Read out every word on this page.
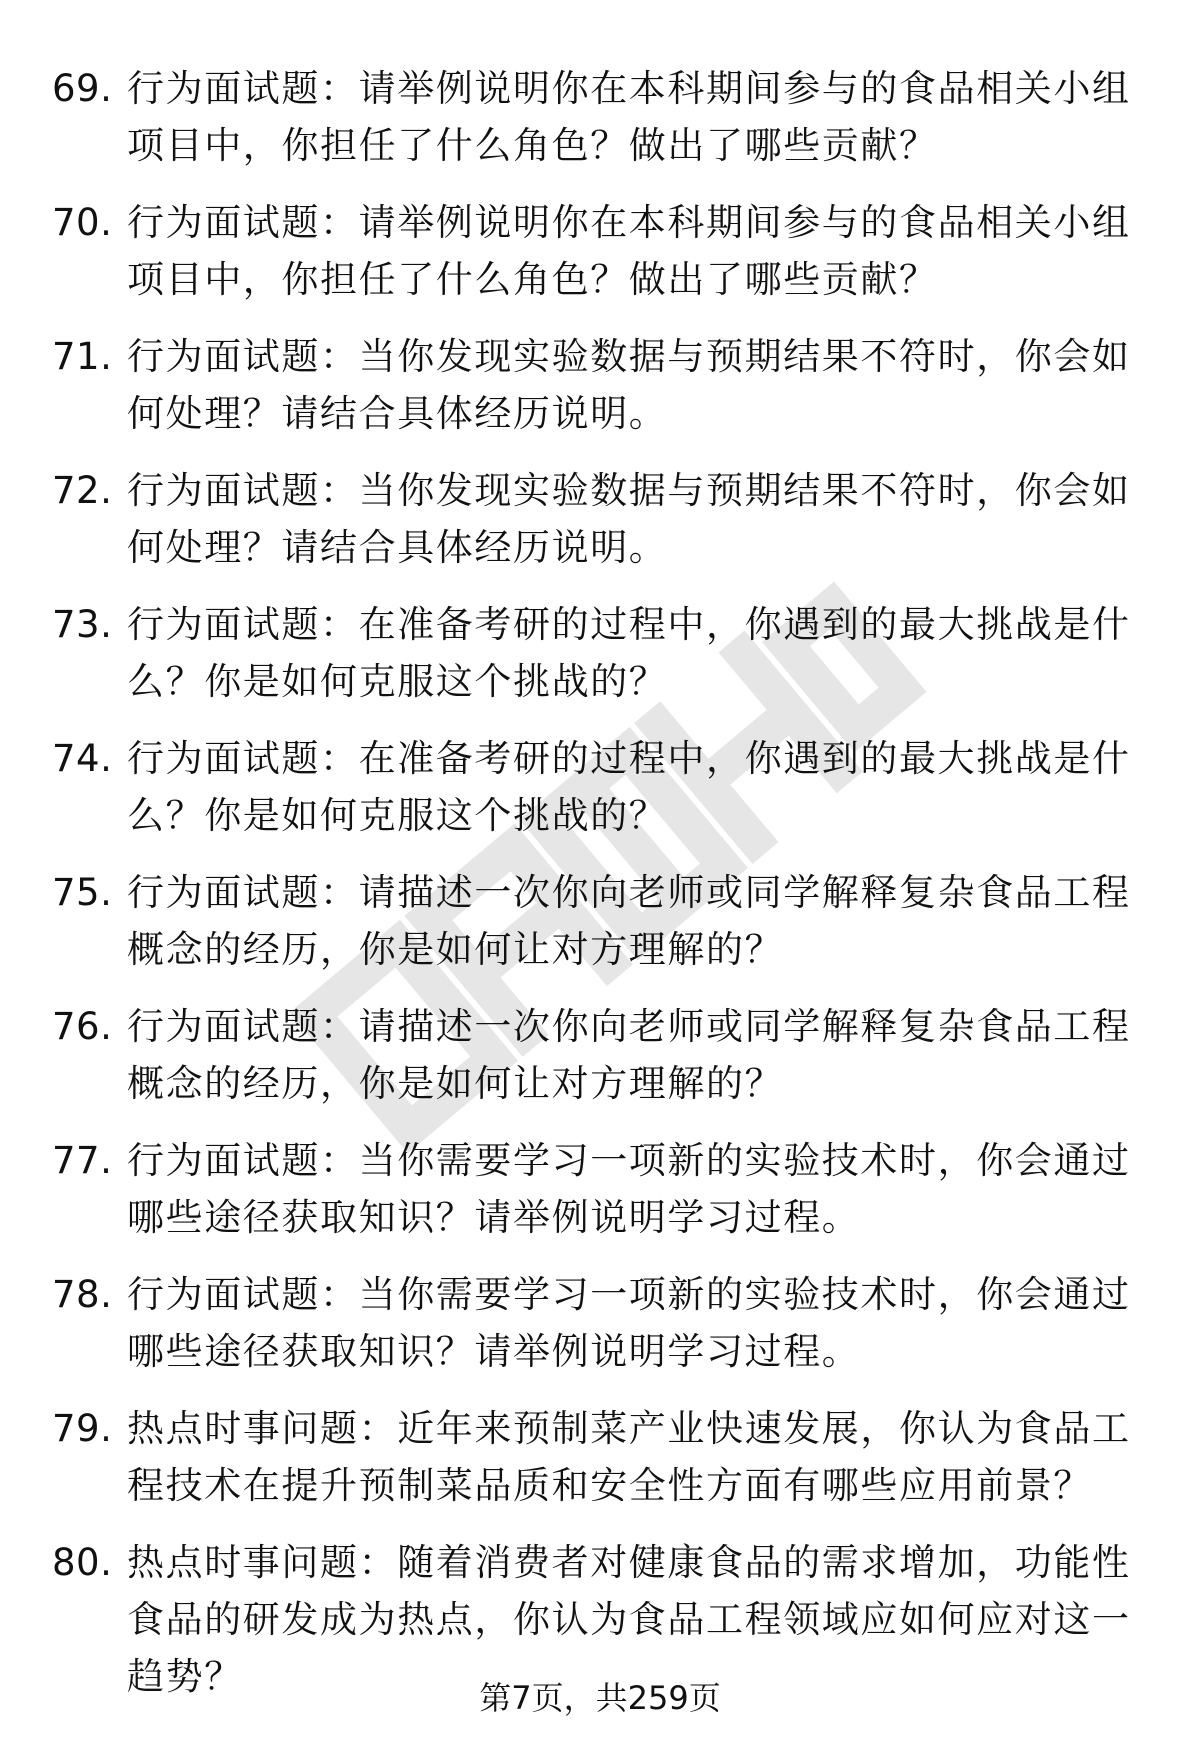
69. 行为面试题：请举例说明你在本科期间参与的食品相关小组项目中，你担任了什么角色？做出了哪些贡献？
70. 行为面试题：请举例说明你在本科期间参与的食品相关小组项目中，你担任了什么角色？做出了哪些贡献？
71. 行为面试题：当你发现实验数据与预期结果不符时，你会如何处理？请结合具体经历说明。
72. 行为面试题：当你发现实验数据与预期结果不符时，你会如何处理？请结合具体经历说明。
73. 行为面试题：在准备考研的过程中，你遇到的最大挑战是什么？你是如何克服这个挑战的？
74. 行为面试题：在准备考研的过程中，你遇到的最大挑战是什么？你是如何克服这个挑战的？
75. 行为面试题：请描述一次你向老师或同学解释复杂食品工程概念的经历，你是如何让对方理解的？
76. 行为面试题：请描述一次你向老师或同学解释复杂食品工程概念的经历，你是如何让对方理解的？
77. 行为面试题：当你需要学习一项新的实验技术时，你会通过哪些途径获取知识？请举例说明学习过程。
78. 行为面试题：当你需要学习一项新的实验技术时，你会通过哪些途径获取知识？请举例说明学习过程。
79. 热点时事问题：近年来预制菜产业快速发展，你认为食品工程技术在提升预制菜品质和安全性方面有哪些应用前景？
80. 热点时事问题：随着消费者对健康食品的需求增加，功能性食品的研发成为热点，你认为食品工程领域应如何应对这一趋势？	第7页，共259页
